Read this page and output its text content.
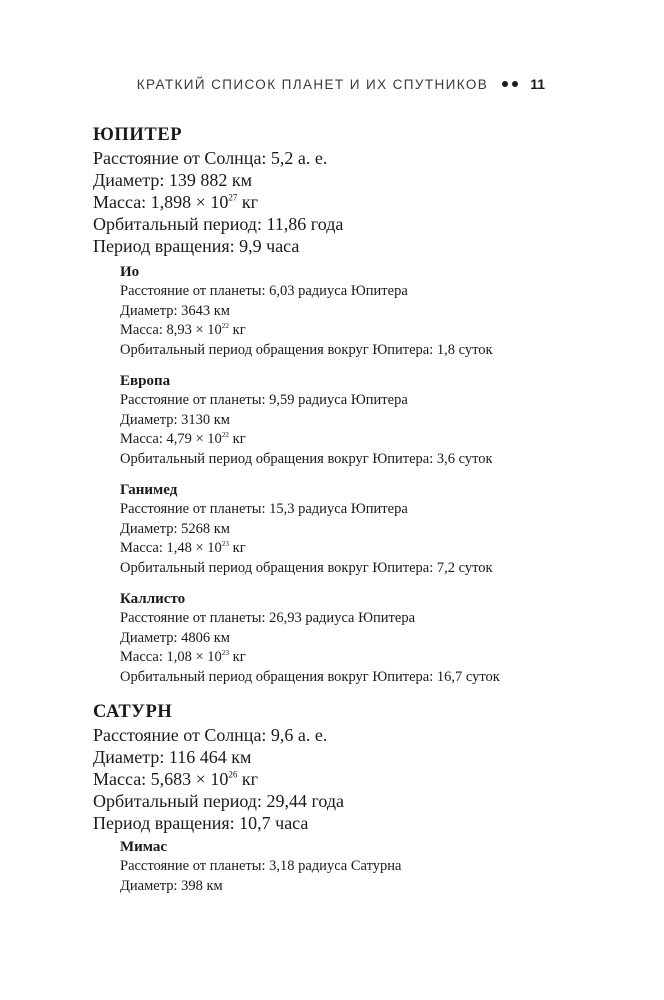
КРАТКИЙ СПИСОК ПЛАНЕТ И ИХ СПУТНИКОВ	11

ЮПИТЕР

Расстояние от Солнца: 5,2 а. е.

Диаметр: 139 882 км

Масса: $1,898 \times 10^{27}$ кг

Орбитальный период: 11,86 года

Период вращения: 9,9 часа

Ио

Расстояние от планеты: 6,03 радиуса Юпитера

Диаметр: 3643 км

Масса: $8,93 \times 10^{22}$ кг

Орбитальный период обращения вокруг Юпитера: 1,8 суток

Европа

Расстояние от планеты: 9,59 радиуса Юпитера

Диаметр: 3130 км

Масса: $4,79 \times 10^{22}$ кг

Орбитальный период обращения вокруг Юпитера: 3,6 суток

Ганимед

Расстояние от планеты: 15,3 радиуса Юпитера

Диаметр: 5268 км

Масса: $1,48 \times 10^{23}$ кг

Орбитальный период обращения вокруг Юпитера: 7,2 суток

Каллисто

Расстояние от планеты: 26,93 радиуса Юпитера

Диаметр: 4806 км

Масса: $1,08 \times 10^{23}$ кг

Орбитальный период обращения вокруг Юпитера: 16,7 суток

САТУРН

Расстояние от Солнца: 9,6 а. е.

Диаметр: 116 464 км

Масса: $5,683 \times 10^{26}$ кг

Орбитальный период: 29,44 года

Период вращения: 10,7 часа

Мимас

Расстояние от планеты: 3,18 радиуса Сатурна

Диаметр: 398 км
